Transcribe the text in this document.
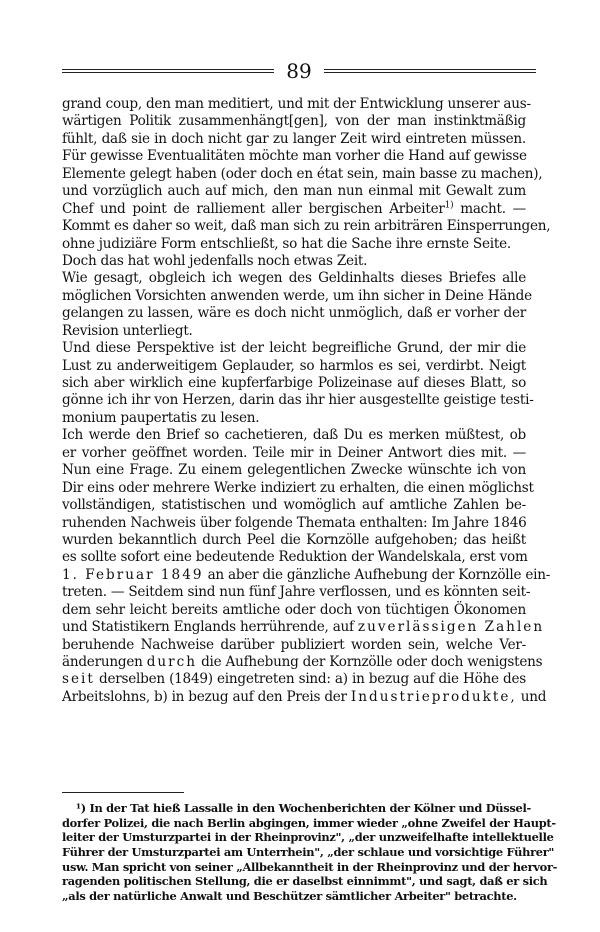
89
grand coup, den man meditiert, und mit der Entwicklung unserer aus-
wärtigen Politik zusammenhängt[gen], von der man instinktmäßig
fühlt, daß sie in doch nicht gar zu langer Zeit wird eintreten müssen.
Für gewisse Eventualitäten möchte man vorher die Hand auf gewisse
Elemente gelegt haben (oder doch en état sein, main basse zu machen),
und vorzüglich auch auf mich, den man nun einmal mit Gewalt zum
Chef und point de ralliement aller bergischen Arbeiter$^{1)}$ macht. —
Kommt es daher so weit, daß man sich zu rein arbiträren Einsperrungen,
ohne judiziäre Form entschließt, so hat die Sache ihre ernste Seite.
Doch das hat wohl jedenfalls noch etwas Zeit.
Wie gesagt, obgleich ich wegen des Geldinhalts dieses Briefes alle
möglichen Vorsichten anwenden werde, um ihn sicher in Deine Hände
gelangen zu lassen, wäre es doch nicht unmöglich, daß er vorher der
Revision unterliegt.
Und diese Perspektive ist der leicht begreifliche Grund, der mir die
Lust zu anderweitigem Geplauder, so harmlos es sei, verdirbt. Neigt
sich aber wirklich eine kupferfarbige Polizeinase auf dieses Blatt, so
gönne ich ihr von Herzen, darin das ihr hier ausgestellte geistige testi-
monium paupertatis zu lesen.
Ich werde den Brief so cachetieren, daß Du es merken müßtest, ob
er vorher geöffnet worden. Teile mir in Deiner Antwort dies mit. —
Nun eine Frage. Zu einem gelegentlichen Zwecke wünschte ich von
Dir eins oder mehrere Werke indiziert zu erhalten, die einen möglichst
vollständigen, statistischen und womöglich auf amtliche Zahlen be-
ruhenden Nachweis über folgende Themata enthalten: Im Jahre 1846
wurden bekanntlich durch Peel die Kornzölle aufgehoben; das heißt
es sollte sofort eine bedeutende Reduktion der Wandelskala, erst vom
1. Februar 1849 an aber die gänzliche Aufhebung der Kornzölle ein-
treten. — Seitdem sind nun fünf Jahre verflossen, und es könnten seit-
dem sehr leicht bereits amtliche oder doch von tüchtigen Ökonomen
und Statistikern Englands herrührende, auf zuverlässigen Zahlen
beruhende Nachweise darüber publiziert worden sein, welche Ver-
änderungen durch die Aufhebung der Kornzölle oder doch wenigstens
seit derselben (1849) eingetreten sind: a) in bezug auf die Höhe des
Arbeitslohns, b) in bezug auf den Preis der Industrieprodukte, und
¹) In der Tat hieß Lassalle in den Wochenberichten der Kölner und Düssel-
dorfer Polizei, die nach Berlin abgingen, immer wieder „ohne Zweifel der Haupt-
leiter der Umsturzpartei in der Rheinprovinz", „der unzweifelhafte intellektuelle
Führer der Umsturzpartei am Unterrhein", „der schlaue und vorsichtige Führer"
usw. Man spricht von seiner „Allbekanntheit in der Rheinprovinz und der hervor-
ragenden politischen Stellung, die er daselbst einnimmt", und sagt, daß er sich
„als der natürliche Anwalt und Beschützer sämtlicher Arbeiter" betrachte.
